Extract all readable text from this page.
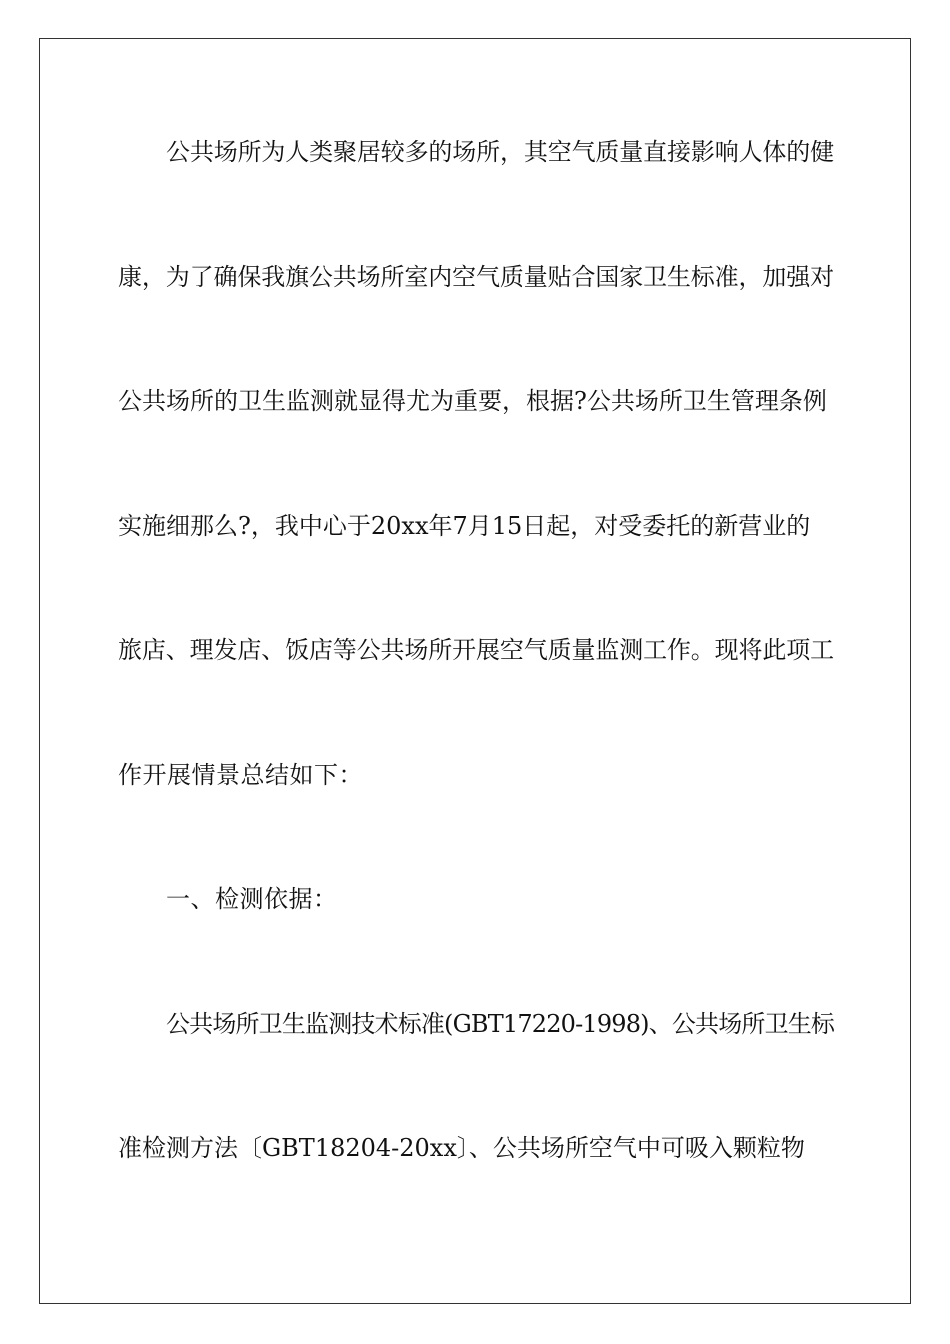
公共场所为人类聚居较多的场所，其空气质量直接影响人体的健
康，为了确保我旗公共场所室内空气质量贴合国家卫生标准，加强对
公共场所的卫生监测就显得尤为重要，根据?公共场所卫生管理条例
实施细那么?，我中心于20xx年7月15日起，对受委托的新营业的
旅店、理发店、饭店等公共场所开展空气质量监测工作。现将此项工
作开展情景总结如下：
一、检测依据：
公共场所卫生监测技术标准(GBT17220-1998)、公共场所卫生标
准检测方法〔GBT18204-20xx〕、公共场所空气中可吸入颗粒物
